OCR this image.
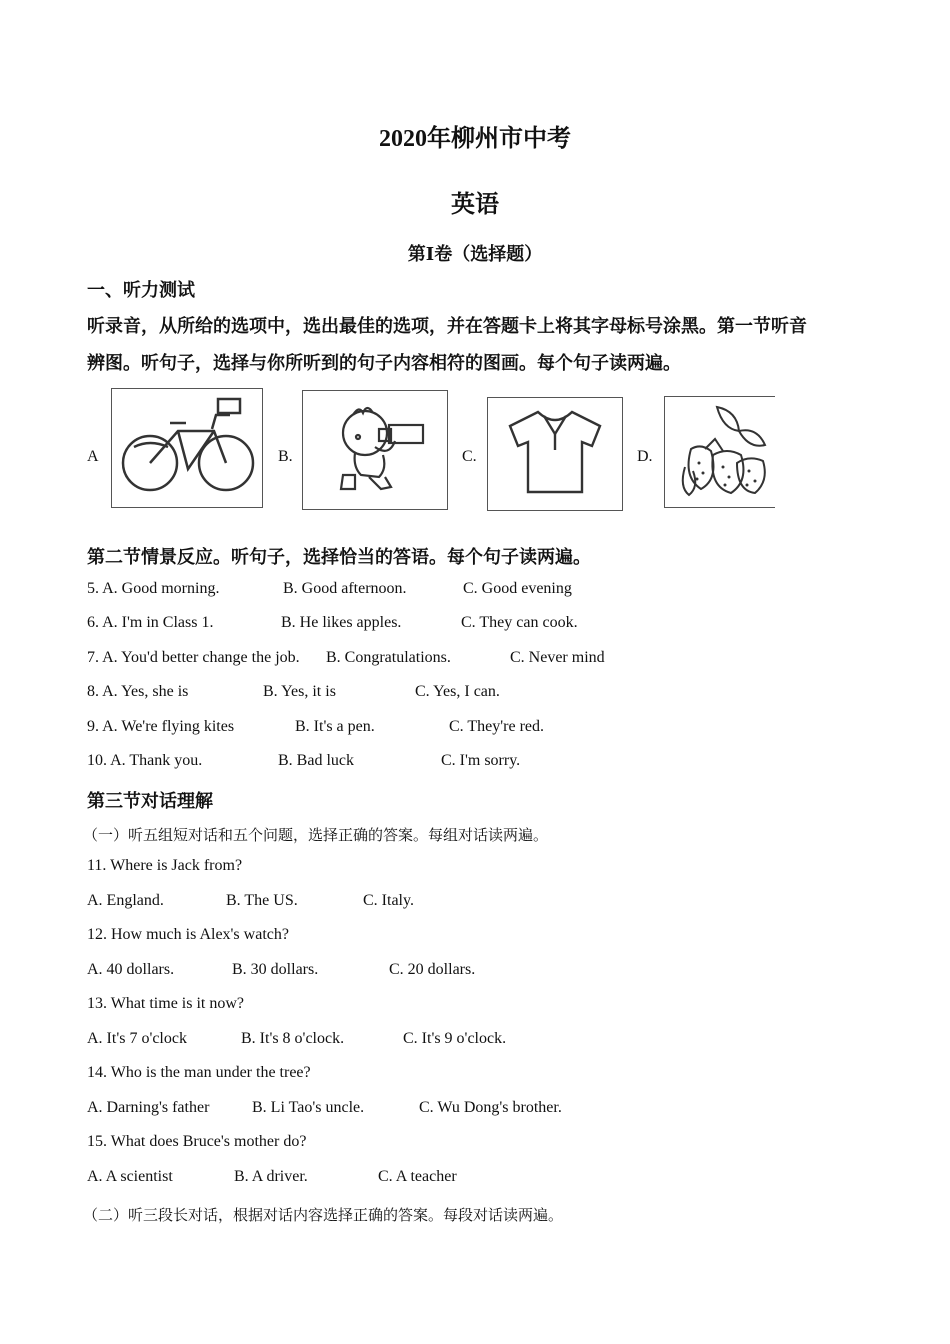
2020年柳州市中考
英语
第Ⅰ卷（选择题）
一、听力测试
听录音，从所给的选项中，选出最佳的选项，并在答题卡上将其字母标号涂黑。第一节听音
辨图。听句子，选择与你所听到的句子内容相符的图画。每个句子读两遍。
A	B.	C.	D.
第二节情景反应。听句子，选择恰当的答语。每个句子读两遍。
5. A. Good morning.	B. Good afternoon.	C. Good evening
6. A. I'm in Class 1.	B. He likes apples.	C. They can cook.
7. A. You'd better change the job. B. Congratulations.	C. Never mind
8. A. Yes, she is	B. Yes, it is	C. Yes, I can.
9. A. We're flying kites	B. It's a pen.	C. They're red.
10. A. Thank you.	B. Bad luck	C. I'm sorry.
第三节对话理解
（一）听五组短对话和五个问题，选择正确的答案。每组对话读两遍。
11. Where is Jack from?
A. England.	B. The US.	C. Italy.
12. How much is Alex's watch?
A. 40 dollars.	B. 30 dollars.	C. 20 dollars.
13. What time is it now?
A. It's 7 o'clock	B. It's 8 o'clock.	C. It's 9 o'clock.
14. Who is the man under the tree?
A. Darning's father	B. Li Tao's uncle.	C. Wu Dong's brother.
15. What does Bruce's mother do?
A. A scientist	B. A driver.	C. A teacher
（二）听三段长对话，根据对话内容选择正确的答案。每段对话读两遍。
